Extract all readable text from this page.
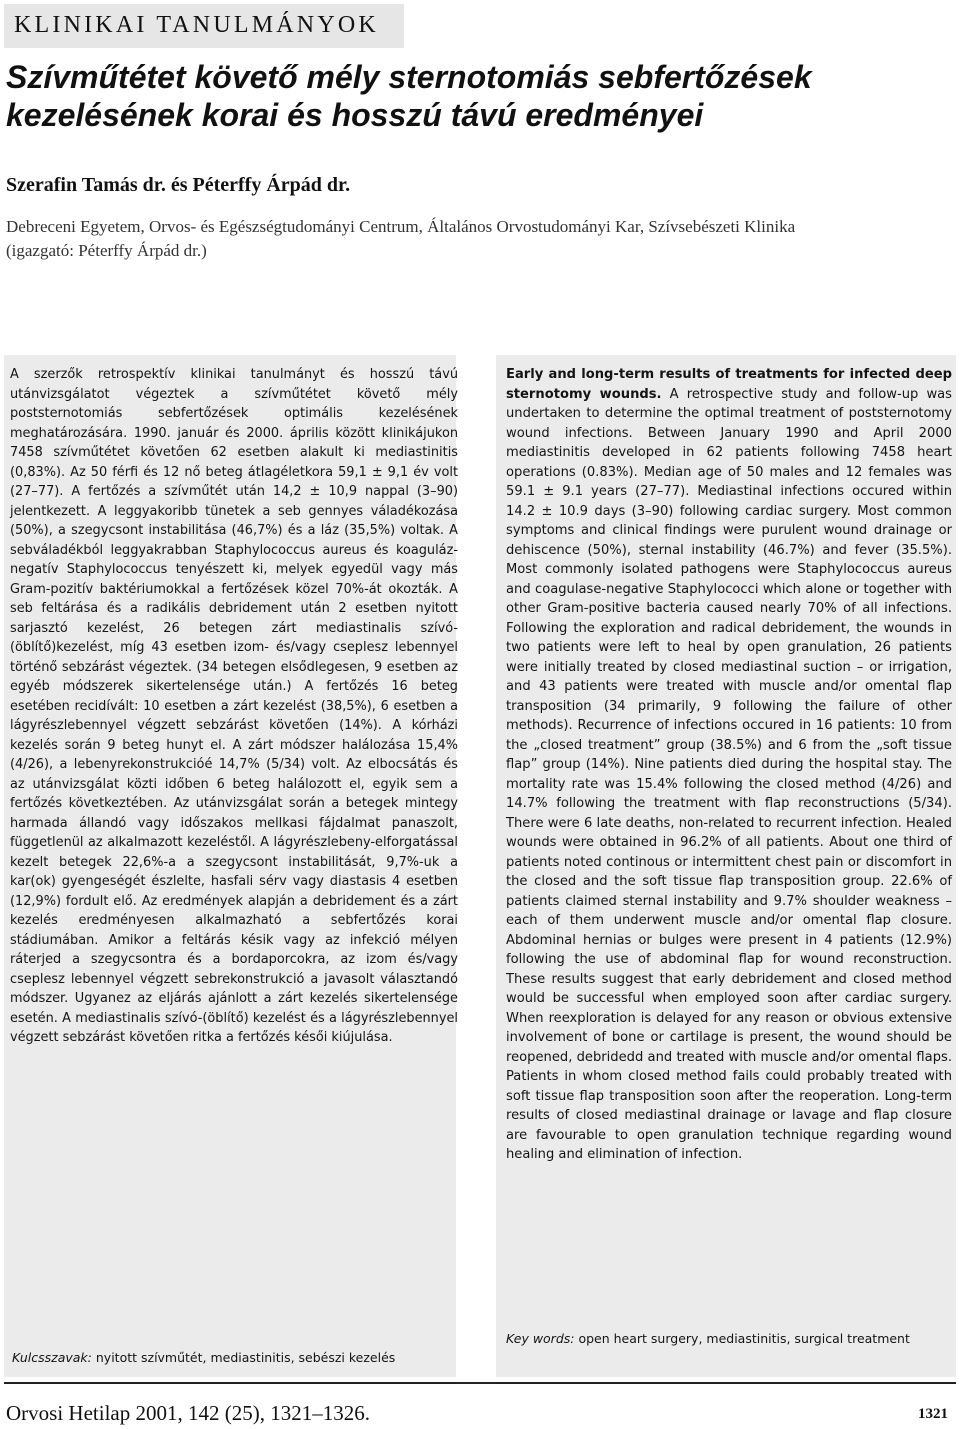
KLINIKAI TANULMÁNYOK
Szívműtétet követő mély sternotomiás sebfertőzések
kezelésének korai és hosszú távú eredményei
Szerafin Tamás dr. és Péterffy Árpád dr.
Debreceni Egyetem, Orvos- és Egészségtudományi Centrum, Általános Orvostudományi Kar, Szívsebészeti Klinika
(igazgató: Péterffy Árpád dr.)

A szerzők retrospektív klinikai tanulmányt és hosszú távú utánvizsgálatot végeztek a szívműtétet követő mély poststernotomiás sebfertőzések optimális kezelésének meghatározására. 1990. január és 2000. április között klinikájukon 7458 szívműtétet követően 62 esetben alakult ki mediastinitis (0,83%). Az 50 férfi és 12 nő beteg átlagéletkora 59,1 ± 9,1 év volt (27–77). A fertőzés a szívműtét után 14,2 ± 10,9 nappal (3–90) jelentkezett. A leggyakoribb tünetek a seb gennyes váladékozása (50%), a szegycsont instabilitása (46,7%) és a láz (35,5%) voltak. A sebváladékból leggyakrabban Staphylococcus aureus és koaguláz-negatív Staphylococcus tenyészett ki, melyek egyedül vagy más Gram-pozitív baktériumokkal a fertőzések közel 70%-át okozták. A seb feltárása és a radikális debridement után 2 esetben nyitott sarjasztó kezelést, 26 betegen zárt mediastinalis szívó-(öblítő)kezelést, míg 43 esetben izom- és/vagy cseplesz lebennyel történő sebzárást végeztek. (34 betegen elsődlegesen, 9 esetben az egyéb módszerek sikertelensége után.) A fertőzés 16 beteg esetében recidívált: 10 esetben a zárt kezelést (38,5%), 6 esetben a lágyrészlebennyel végzett sebzárást követően (14%). A kórházi kezelés során 9 beteg hunyt el. A zárt módszer halálozása 15,4% (4/26), a lebenyrekonstrukcióé 14,7% (5/34) volt. Az elbocsátás és az utánvizsgálat közti időben 6 beteg halálozott el, egyik sem a fertőzés következtében. Az utánvizsgálat során a betegek mintegy harmada állandó vagy időszakos mellkasi fájdalmat panaszolt, függetlenül az alkalmazott kezeléstől. A lágyrészlebeny-elforgatással kezelt betegek 22,6%-a a szegycsont instabilitását, 9,7%-uk a kar(ok) gyengeségét észlelte, hasfali sérv vagy diastasis 4 esetben (12,9%) fordult elő. Az eredmények alapján a debridement és a zárt kezelés eredményesen alkalmazható a sebfertőzés korai stádiumában. Amikor a feltárás késik vagy az infekció mélyen ráterjed a szegycsontra és a bordaporcokra, az izom és/vagy cseplesz lebennyel végzett sebrekonstrukció a javasolt választandó módszer. Ugyanez az eljárás ajánlott a zárt kezelés sikertelensége esetén. A mediastinalis szívó-(öblítő) kezelést és a lágyrészlebennyel végzett sebzárást követően ritka a fertőzés késői kiújulása.

Early and long-term results of treatments for infected deep sternotomy wounds. A retrospective study and follow-up was undertaken to determine the optimal treatment of poststernotomy wound infections. Between January 1990 and April 2000 mediastinitis developed in 62 patients following 7458 heart operations (0.83%). Median age of 50 males and 12 females was 59.1 ± 9.1 years (27–77). Mediastinal infections occured within 14.2 ± 10.9 days (3–90) following cardiac surgery. Most common symptoms and clinical findings were purulent wound drainage or dehiscence (50%), sternal instability (46.7%) and fever (35.5%). Most commonly isolated pathogens were Staphylococcus aureus and coagulase-negative Staphylococci which alone or together with other Gram-positive bacteria caused nearly 70% of all infections. Following the exploration and radical debridement, the wounds in two patients were left to heal by open granulation, 26 patients were initially treated by closed mediastinal suction – or irrigation, and 43 patients were treated with muscle and/or omental flap transposition (34 primarily, 9 following the failure of other methods). Recurrence of infections occured in 16 patients: 10 from the „closed treatment” group (38.5%) and 6 from the „soft tissue flap” group (14%). Nine patients died during the hospital stay. The mortality rate was 15.4% following the closed method (4/26) and 14.7% following the treatment with flap reconstructions (5/34). There were 6 late deaths, non-related to recurrent infection. Healed wounds were obtained in 96.2% of all patients. About one third of patients noted continous or intermittent chest pain or discomfort in the closed and the soft tissue flap transposition group. 22.6% of patients claimed sternal instability and 9.7% shoulder weakness – each of them underwent muscle and/or omental flap closure. Abdominal hernias or bulges were present in 4 patients (12.9%) following the use of abdominal flap for wound reconstruction. These results suggest that early debridement and closed method would be successful when employed soon after cardiac surgery. When reexploration is delayed for any reason or obvious extensive involvement of bone or cartilage is present, the wound should be reopened, debridedd and treated with muscle and/or omental flaps. Patients in whom closed method fails could probably treated with soft tissue flap transposition soon after the reoperation. Long-term results of closed mediastinal drainage or lavage and flap closure are favourable to open granulation technique regarding wound healing and elimination of infection.

Kulcsszavak: nyitott szívműtét, mediastinitis, sebészi kezelés

Key words: open heart surgery, mediastinitis, surgical treatment

Orvosi Hetilap 2001, 142 (25), 1321–1326.	1321
